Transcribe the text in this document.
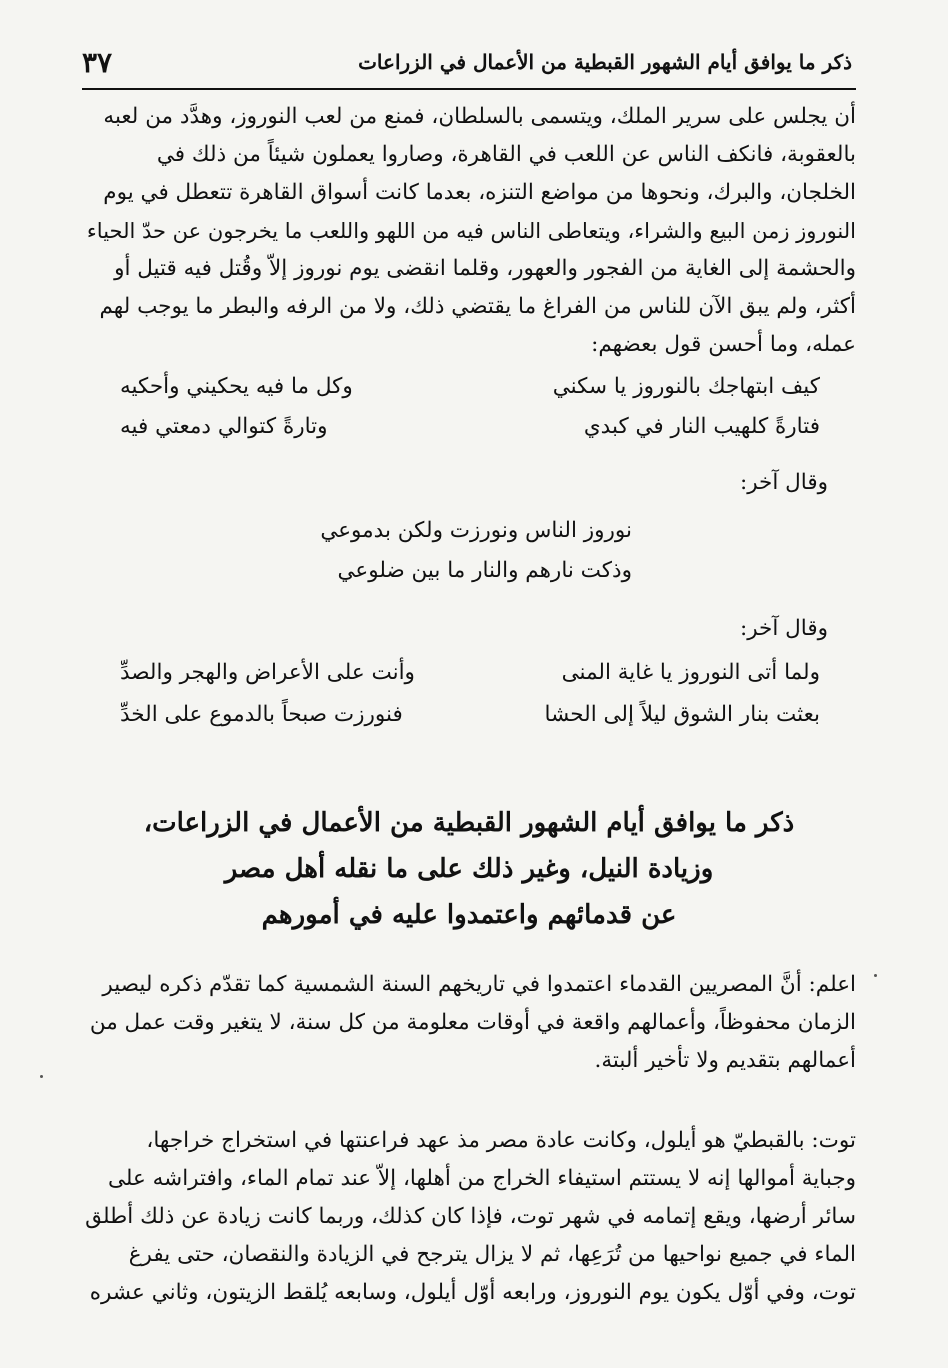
ذكر ما يوافق أيام الشهور القبطية من الأعمال في الزراعات
٣٧

أن يجلس على سرير الملك، ويتسمى بالسلطان، فمنع من لعب النوروز، وهدَّد من لعبه
بالعقوبة، فانكف الناس عن اللعب في القاهرة، وصاروا يعملون شيئاً من ذلك في
الخلجان، والبرك، ونحوها من مواضع التنزه، بعدما كانت أسواق القاهرة تتعطل في يوم
النوروز زمن البيع والشراء، ويتعاطى الناس فيه من اللهو واللعب ما يخرجون عن حدّ الحياء
والحشمة إلى الغاية من الفجور والعهور، وقلما انقضى يوم نوروز إلاّ وقُتل فيه قتيل أو
أكثر، ولم يبق الآن للناس من الفراغ ما يقتضي ذلك، ولا من الرفه والبطر ما يوجب لهم
عمله، وما أحسن قول بعضهم:

كيف ابتهاجك بالنوروز يا سكني
وكل ما فيه يحكيني وأحكيه
فتارةً كلهيب النار في كبدي
وتارةً كتوالي دمعتي فيه
وقال آخر:
نوروز الناس ونورزت ولكن بدموعي
وذكت نارهم والنار ما بين ضلوعي
وقال آخر:
ولما أتى النوروز يا غاية المنى
وأنت على الأعراض والهجر والصدِّ
بعثت بنار الشوق ليلاً إلى الحشا
فنورزت صبحاً بالدموع على الخدِّ
ذكر ما يوافق أيام الشهور القبطية من الأعمال في الزراعات،
وزيادة النيل، وغير ذلك على ما نقله أهل مصر
عن قدمائهم واعتمدوا عليه في أمورهم

اعلم: أنَّ المصريين القدماء اعتمدوا في تاريخهم السنة الشمسية كما تقدّم ذكره ليصير
الزمان محفوظاً، وأعمالهم واقعة في أوقات معلومة من كل سنة، لا يتغير وقت عمل من
أعمالهم بتقديم ولا تأخير ألبتة.

توت: بالقبطيّ هو أيلول، وكانت عادة مصر مذ عهد فراعنتها في استخراج خراجها،
وجباية أموالها إنه لا يستتم استيفاء الخراج من أهلها، إلاّ عند تمام الماء، وافتراشه على
سائر أرضها، ويقع إتمامه في شهر توت، فإذا كان كذلك، وربما كانت زيادة عن ذلك أطلق
الماء في جميع نواحيها من تُرَعِها، ثم لا يزال يترجح في الزيادة والنقصان، حتى يفرغ
توت، وفي أوّل يكون يوم النوروز، ورابعه أوّل أيلول، وسابعه يُلقط الزيتون، وثاني عشره
